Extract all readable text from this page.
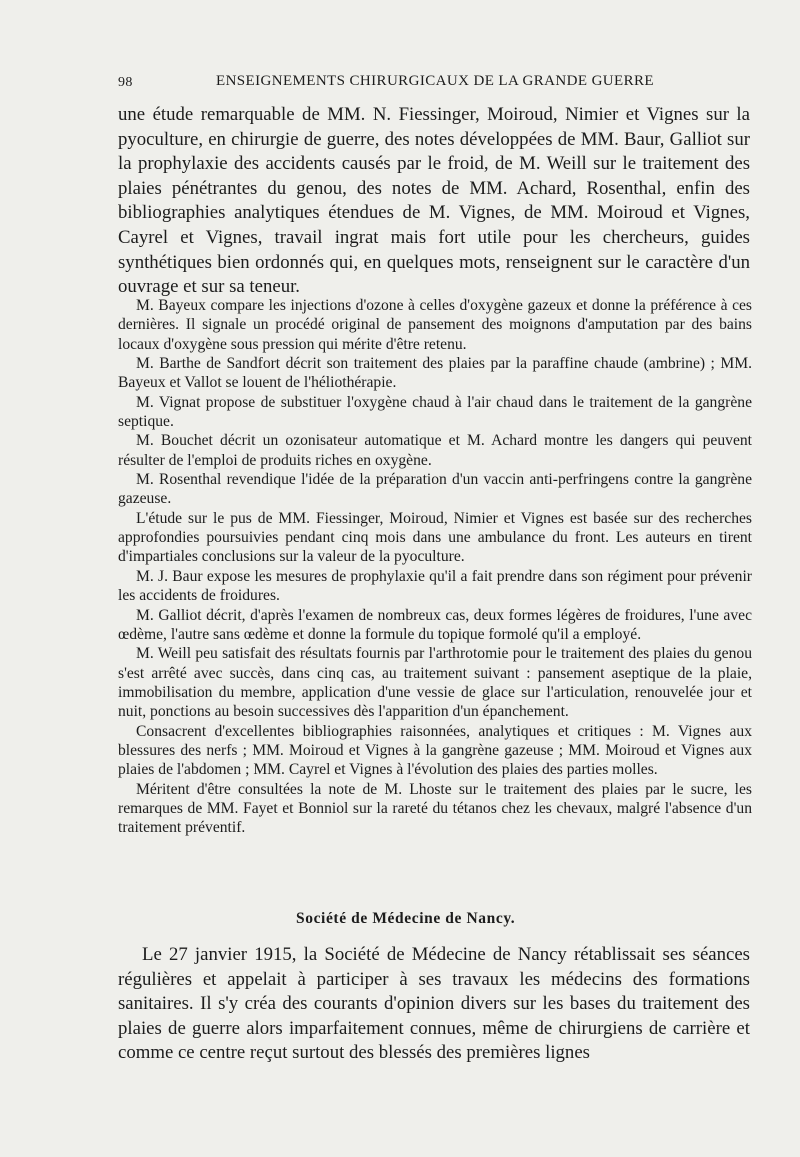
98	ENSEIGNEMENTS CHIRURGICAUX DE LA GRANDE GUERRE

une étude remarquable de MM. N. Fiessinger, Moiroud, Nimier et Vignes sur la pyoculture, en chirurgie de guerre, des notes développées de MM. Baur, Galliot sur la prophylaxie des accidents causés par le froid, de M. Weill sur le traitement des plaies pénétrantes du genou, des notes de MM. Achard, Rosenthal, enfin des bibliographies analytiques étendues de M. Vignes, de MM. Moiroud et Vignes, Cayrel et Vignes, travail ingrat mais fort utile pour les chercheurs, guides synthétiques bien ordonnés qui, en quelques mots, renseignent sur le caractère d'un ouvrage et sur sa teneur.

M. Bayeux compare les injections d'ozone à celles d'oxygène gazeux et donne la préférence à ces dernières. Il signale un procédé original de pansement des moignons d'amputation par des bains locaux d'oxygène sous pression qui mérite d'être retenu.

M. Barthe de Sandfort décrit son traitement des plaies par la paraffine chaude (ambrine) ; MM. Bayeux et Vallot se louent de l'héliothérapie.

M. Vignat propose de substituer l'oxygène chaud à l'air chaud dans le traitement de la gangrène septique.

M. Bouchet décrit un ozonisateur automatique et M. Achard montre les dangers qui peuvent résulter de l'emploi de produits riches en oxygène.

M. Rosenthal revendique l'idée de la préparation d'un vaccin anti-perfringens contre la gangrène gazeuse.

L'étude sur le pus de MM. Fiessinger, Moiroud, Nimier et Vignes est basée sur des recherches approfondies poursuivies pendant cinq mois dans une ambulance du front. Les auteurs en tirent d'impartiales conclusions sur la valeur de la pyoculture.

M. J. Baur expose les mesures de prophylaxie qu'il a fait prendre dans son régiment pour prévenir les accidents de froidures.

M. Galliot décrit, d'après l'examen de nombreux cas, deux formes légères de froidures, l'une avec œdème, l'autre sans œdème et donne la formule du topique formolé qu'il a employé.

M. Weill peu satisfait des résultats fournis par l'arthrotomie pour le traitement des plaies du genou s'est arrêté avec succès, dans cinq cas, au traitement suivant : pansement aseptique de la plaie, immobilisation du membre, application d'une vessie de glace sur l'articulation, renouvelée jour et nuit, ponctions au besoin successives dès l'apparition d'un épanchement.

Consacrent d'excellentes bibliographies raisonnées, analytiques et critiques : M. Vignes aux blessures des nerfs ; MM. Moiroud et Vignes à la gangrène gazeuse ; MM. Moiroud et Vignes aux plaies de l'abdomen ; MM. Cayrel et Vignes à l'évolution des plaies des parties molles.

Méritent d'être consultées la note de M. Lhoste sur le traitement des plaies par le sucre, les remarques de MM. Fayet et Bonniol sur la rareté du tétanos chez les chevaux, malgré l'absence d'un traitement préventif.

Société de Médecine de Nancy.

Le 27 janvier 1915, la Société de Médecine de Nancy rétablissait ses séances régulières et appelait à participer à ses travaux les médecins des formations sanitaires. Il s'y créa des courants d'opinion divers sur les bases du traitement des plaies de guerre alors imparfaitement connues, même de chirurgiens de carrière et comme ce centre reçut surtout des blessés des premières lignes
